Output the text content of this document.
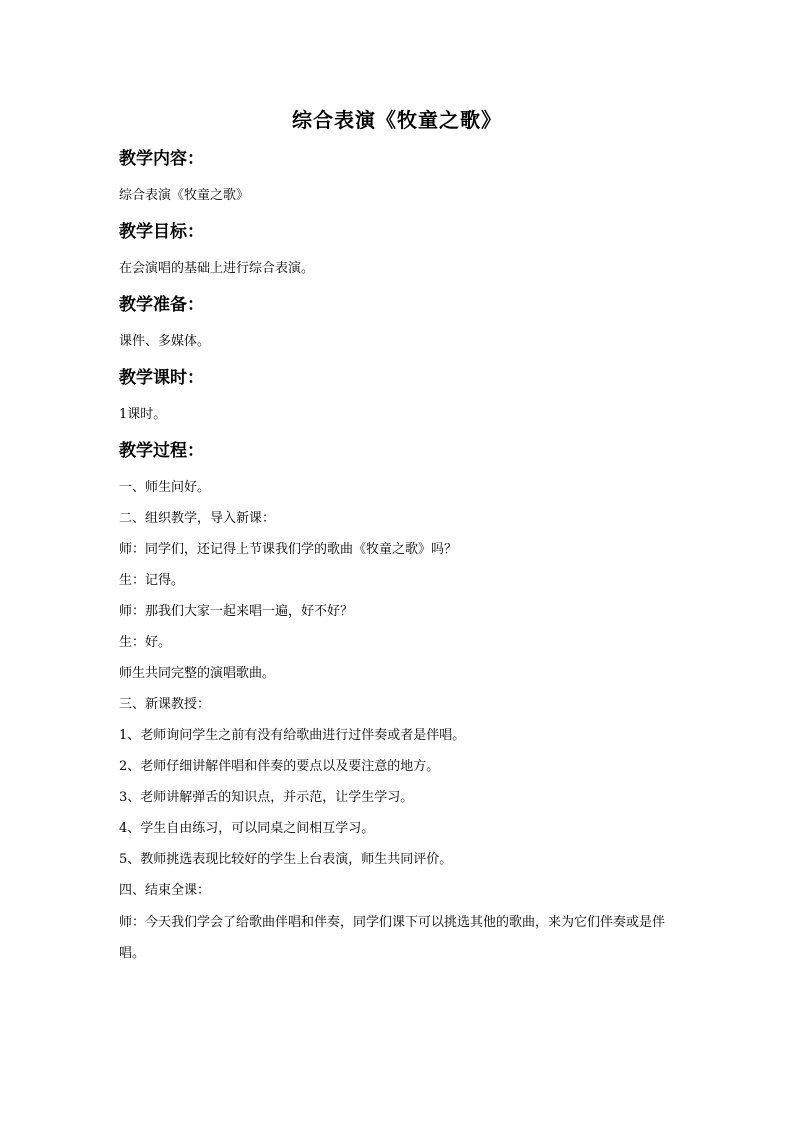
综合表演《牧童之歌》
教学内容：
综合表演《牧童之歌》
教学目标：
在会演唱的基础上进行综合表演。
教学准备：
课件、多媒体。
教学课时：
1课时。
教学过程：
一、师生问好。
二、组织教学，导入新课：
师：同学们，还记得上节课我们学的歌曲《牧童之歌》吗？
生：记得。
师：那我们大家一起来唱一遍，好不好？
生：好。
师生共同完整的演唱歌曲。
三、新课教授：
1、老师询问学生之前有没有给歌曲进行过伴奏或者是伴唱。
2、老师仔细讲解伴唱和伴奏的要点以及要注意的地方。
3、老师讲解弹舌的知识点，并示范，让学生学习。
4、学生自由练习，可以同桌之间相互学习。
5、教师挑选表现比较好的学生上台表演，师生共同评价。
四、结束全课：
师：今天我们学会了给歌曲伴唱和伴奏，同学们课下可以挑选其他的歌曲，来为它们伴奏或是伴唱。
